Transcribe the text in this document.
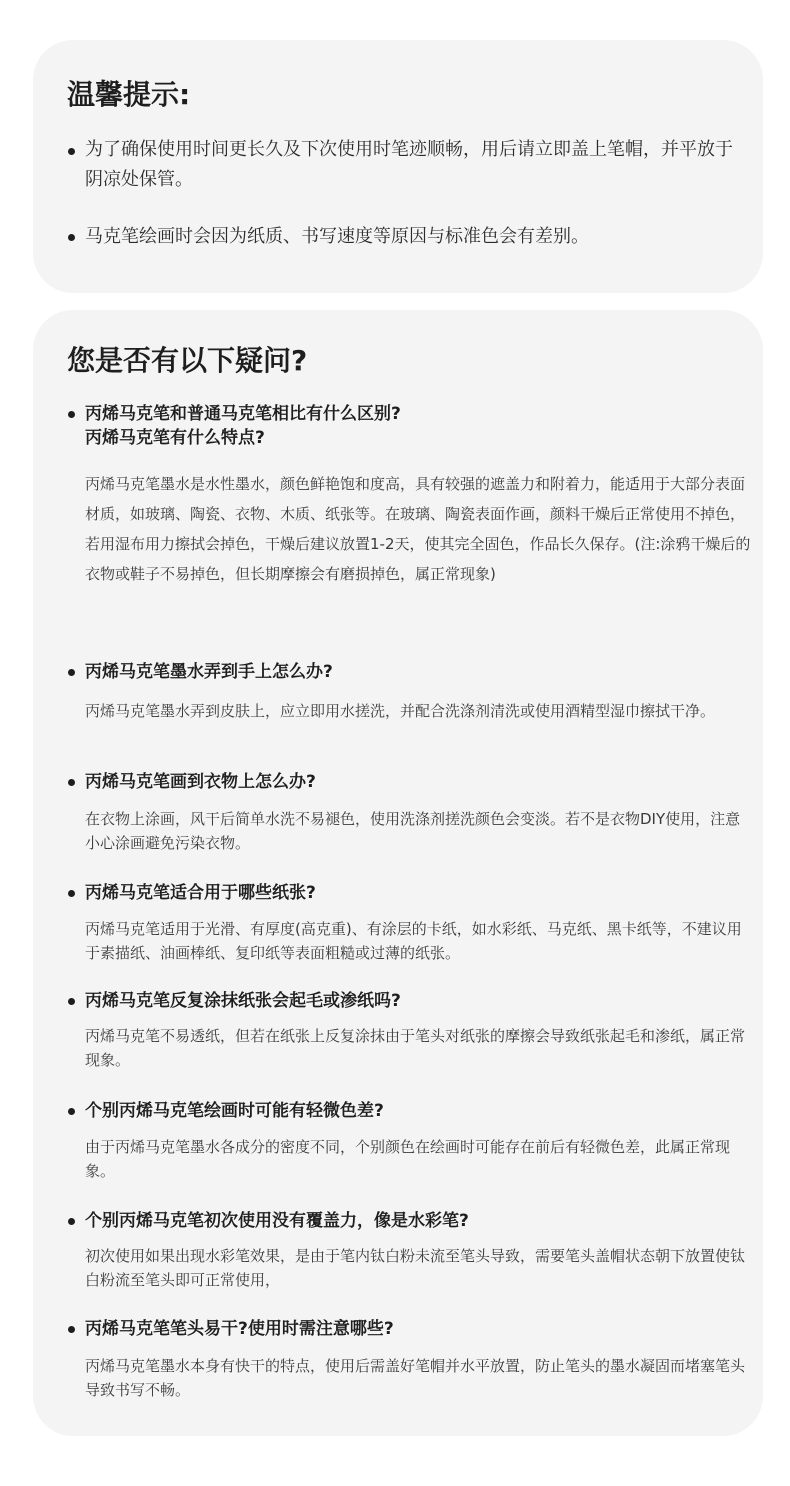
温馨提示:

为了确保使用时间更长久及下次使用时笔迹顺畅，用后请立即盖上笔帽，并平放于阴凉处保管。

马克笔绘画时会因为纸质、书写速度等原因与标准色会有差别。

您是否有以下疑问?
丙烯马克笔和普通马克笔相比有什么区别?
丙烯马克笔有什么特点?

丙烯马克笔墨水是水性墨水，颜色鲜艳饱和度高，具有较强的遮盖力和附着力，能适用于大部分表面材质，如玻璃、陶瓷、衣物、木质、纸张等。在玻璃、陶瓷表面作画，颜料干燥后正常使用不掉色，若用湿布用力擦拭会掉色，干燥后建议放置1-2天，使其完全固色，作品长久保存。(注:涂鸦干燥后的衣物或鞋子不易掉色，但长期摩擦会有磨损掉色，属正常现象)

丙烯马克笔墨水弄到手上怎么办?

丙烯马克笔墨水弄到皮肤上，应立即用水搓洗，并配合洗涤剂清洗或使用酒精型湿巾擦拭干净。

丙烯马克笔画到衣物上怎么办?

在衣物上涂画，风干后简单水洗不易褪色，使用洗涤剂搓洗颜色会变淡。若不是衣物DIY使用，注意小心涂画避免污染衣物。

丙烯马克笔适合用于哪些纸张?

丙烯马克笔适用于光滑、有厚度(高克重)、有涂层的卡纸，如水彩纸、马克纸、黑卡纸等，不建议用于素描纸、油画棒纸、复印纸等表面粗糙或过薄的纸张。

丙烯马克笔反复涂抹纸张会起毛或渗纸吗?

丙烯马克笔不易透纸，但若在纸张上反复涂抹由于笔头对纸张的摩擦会导致纸张起毛和渗纸，属正常现象。

个别丙烯马克笔绘画时可能有轻微色差?

由于丙烯马克笔墨水各成分的密度不同，个别颜色在绘画时可能存在前后有轻微色差，此属正常现象。

个别丙烯马克笔初次使用没有覆盖力，像是水彩笔?

初次使用如果出现水彩笔效果，是由于笔内钛白粉未流至笔头导致，需要笔头盖帽状态朝下放置使钛白粉流至笔头即可正常使用，

丙烯马克笔笔头易干?使用时需注意哪些?

丙烯马克笔墨水本身有快干的特点，使用后需盖好笔帽并水平放置，防止笔头的墨水凝固而堵塞笔头导致书写不畅。
